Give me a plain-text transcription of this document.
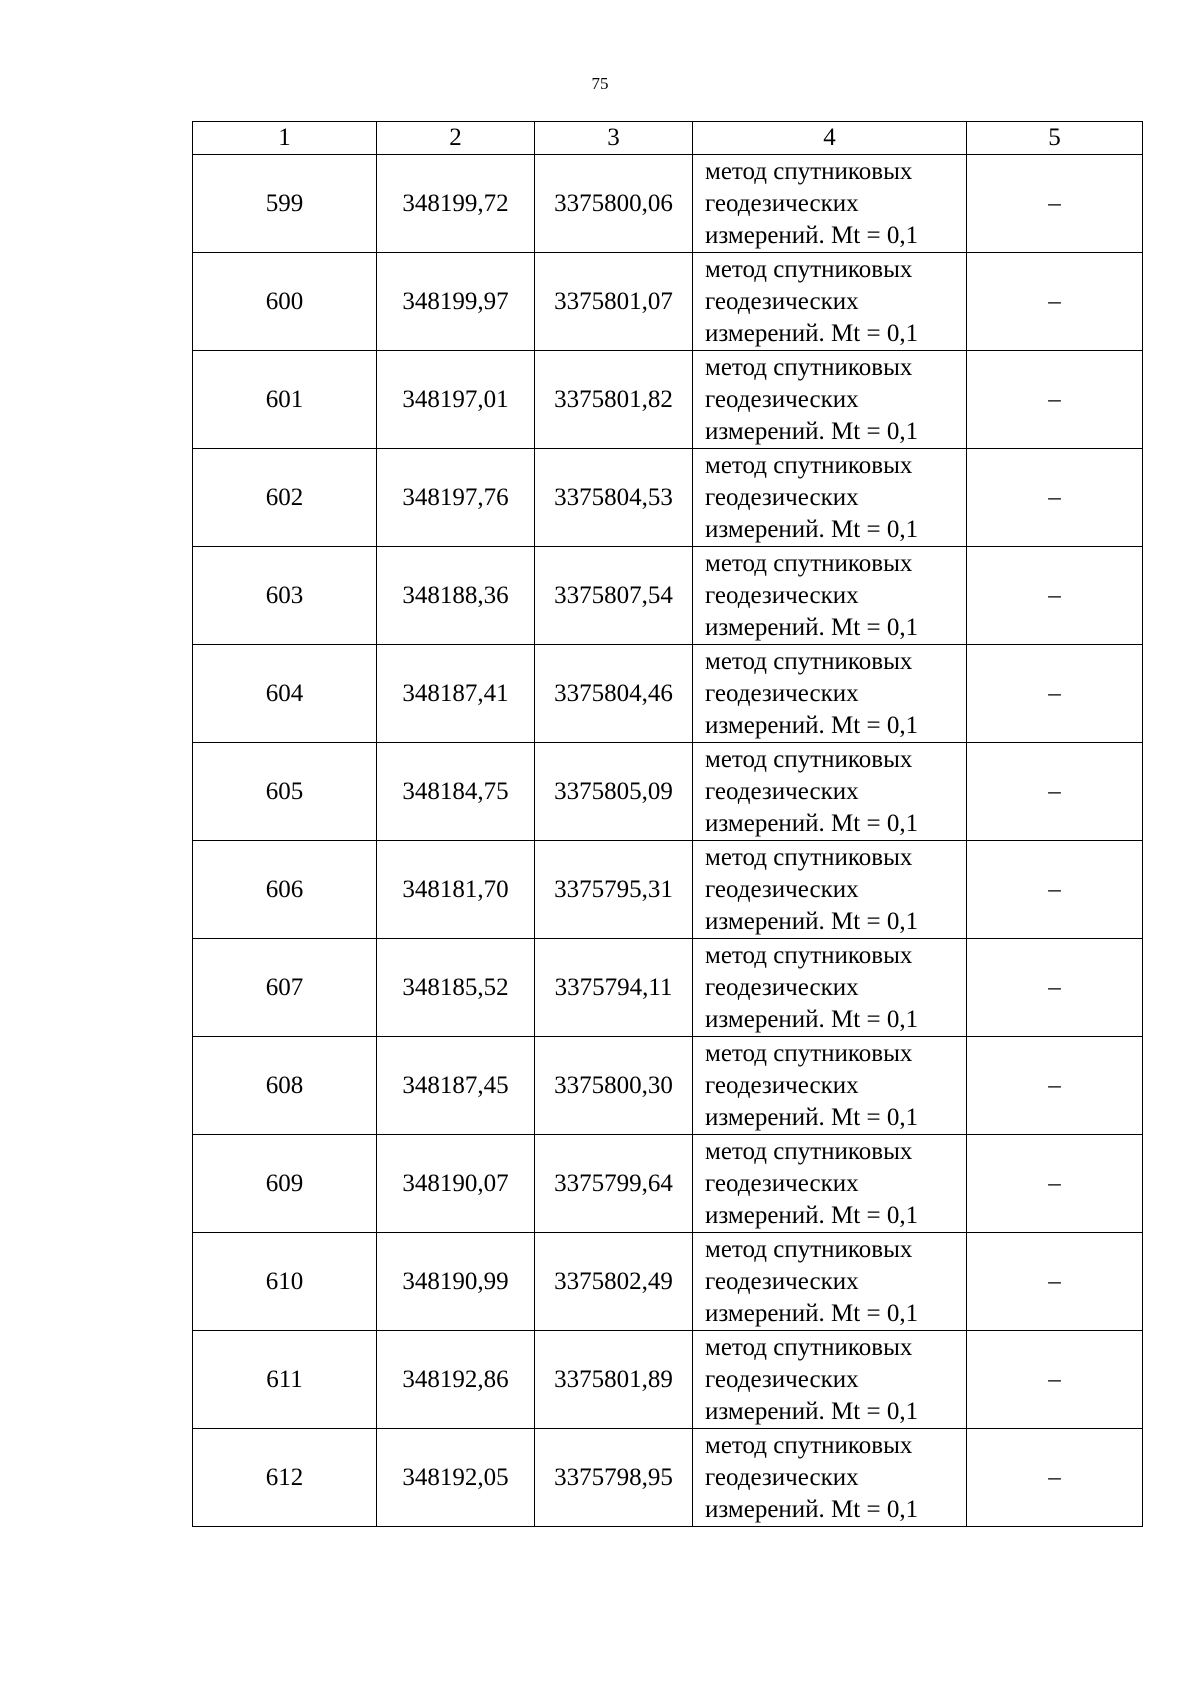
75
1	2	3	4	5
599	348199,72	3375800,06	метод спутниковых
геодезических
измерений. Mt = 0,1	–
600	348199,97	3375801,07	метод спутниковых
геодезических
измерений. Mt = 0,1	–
601	348197,01	3375801,82	метод спутниковых
геодезических
измерений. Mt = 0,1	–
602	348197,76	3375804,53	метод спутниковых
геодезических
измерений. Mt = 0,1	–
603	348188,36	3375807,54	метод спутниковых
геодезических
измерений. Mt = 0,1	–
604	348187,41	3375804,46	метод спутниковых
геодезических
измерений. Mt = 0,1	–
605	348184,75	3375805,09	метод спутниковых
геодезических
измерений. Mt = 0,1	–
606	348181,70	3375795,31	метод спутниковых
геодезических
измерений. Mt = 0,1	–
607	348185,52	3375794,11	метод спутниковых
геодезических
измерений. Mt = 0,1	–
608	348187,45	3375800,30	метод спутниковых
геодезических
измерений. Mt = 0,1	–
609	348190,07	3375799,64	метод спутниковых
геодезических
измерений. Mt = 0,1	–
610	348190,99	3375802,49	метод спутниковых
геодезических
измерений. Mt = 0,1	–
611	348192,86	3375801,89	метод спутниковых
геодезических
измерений. Mt = 0,1	–
612	348192,05	3375798,95	метод спутниковых
геодезических
измерений. Mt = 0,1	–
